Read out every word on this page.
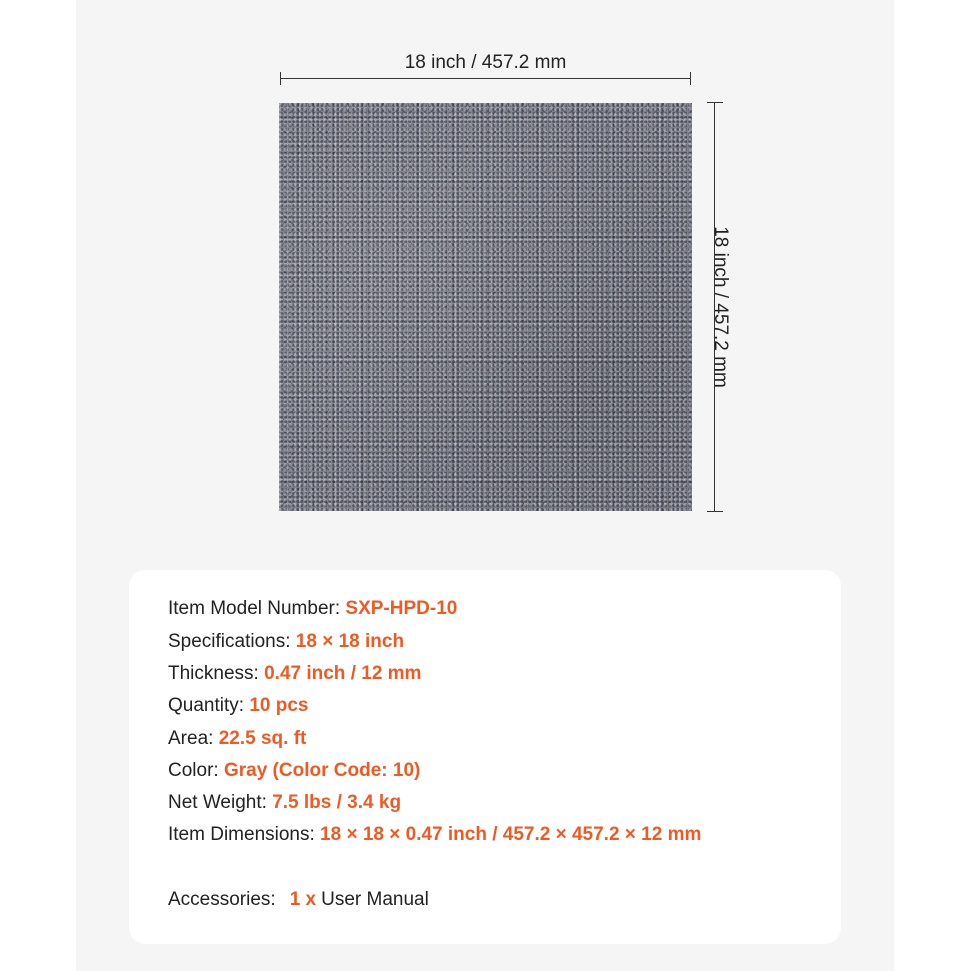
18 inch / 457.2 mm
18 inch / 457.2 mm
Item Model Number: SXP-HPD-10
Specifications: 18 × 18 inch
Thickness: 0.47 inch / 12 mm
Quantity: 10 pcs
Area: 22.5 sq. ft
Color: Gray (Color Code: 10)
Net Weight: 7.5 lbs / 3.4 kg
Item Dimensions: 18 × 18 × 0.47 inch / 457.2 × 457.2 × 12 mm
Accessories: 1 x User Manual
